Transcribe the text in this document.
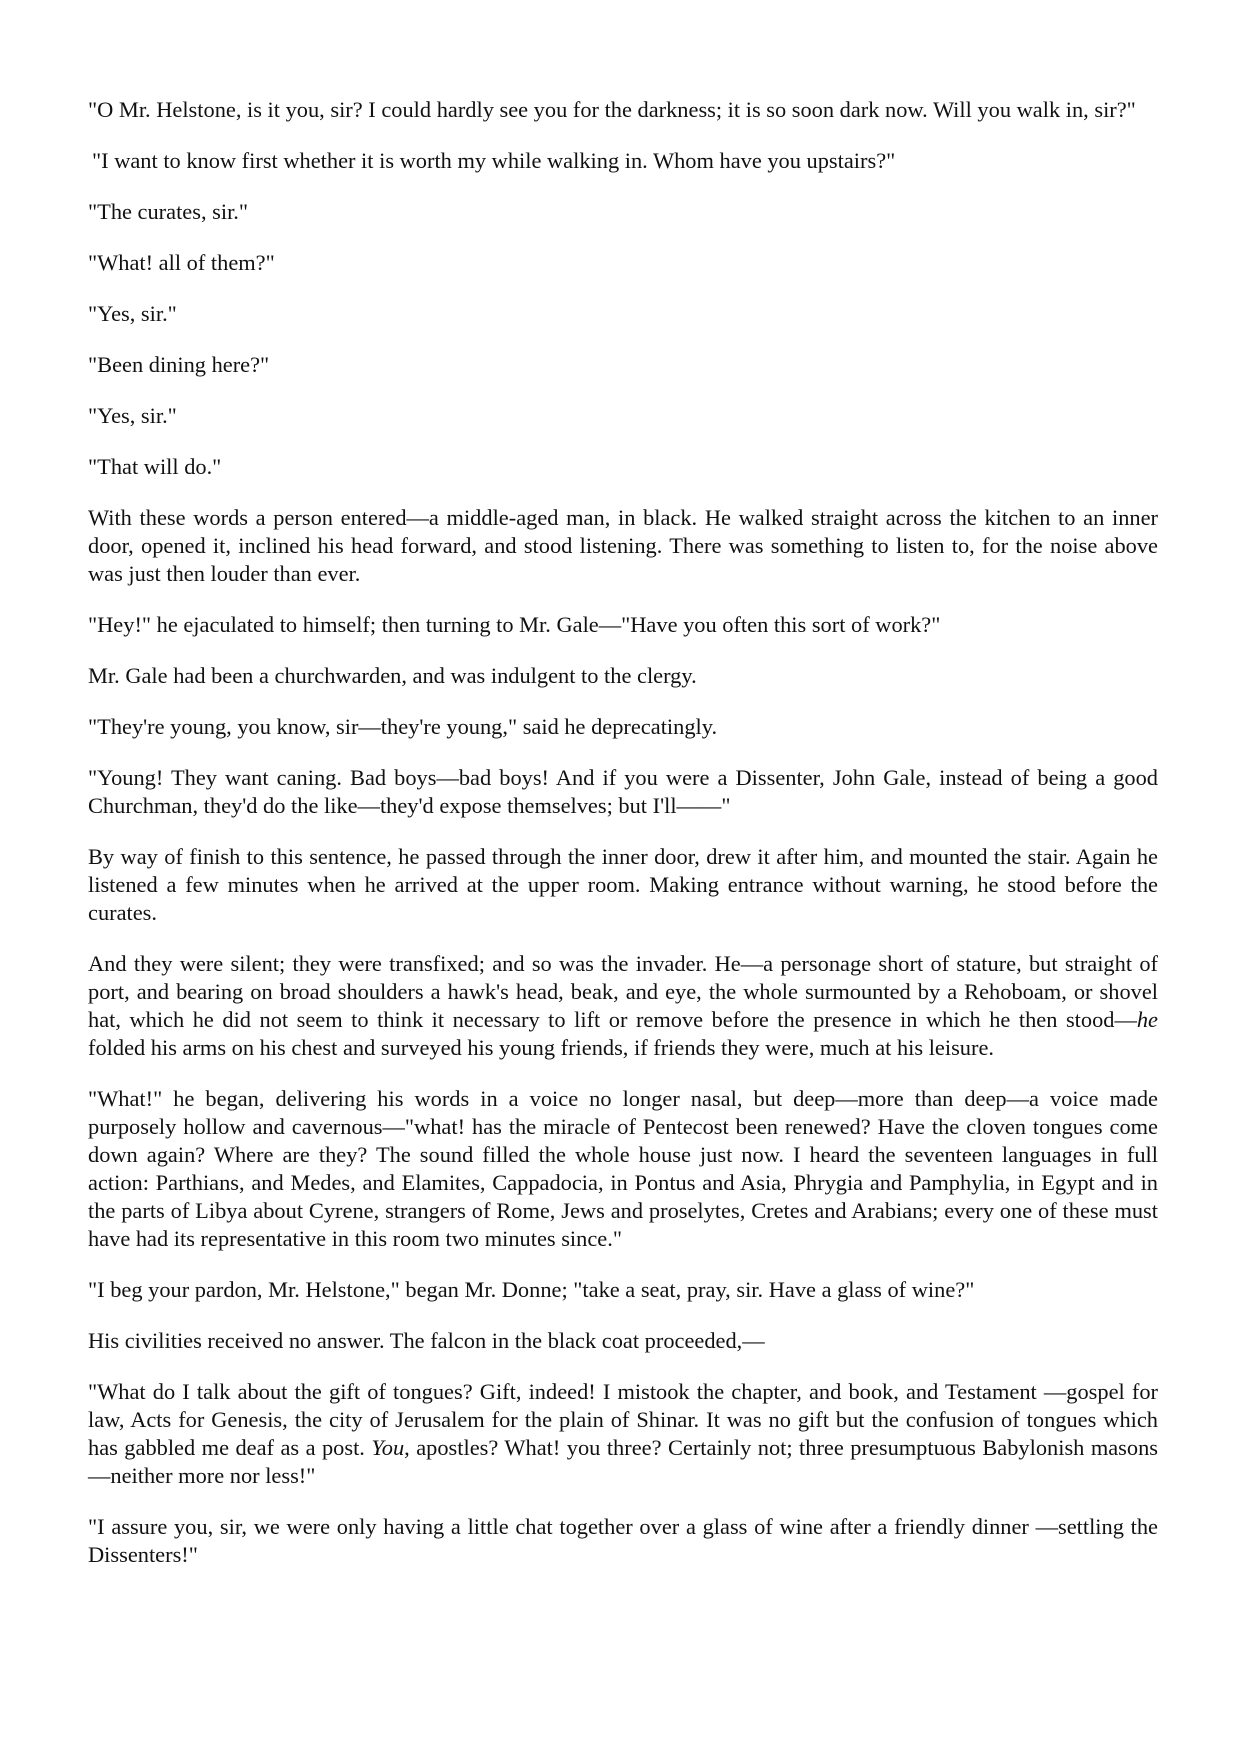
"O Mr. Helstone, is it you, sir? I could hardly see you for the darkness; it is so soon dark now. Will you walk in, sir?"

"I want to know first whether it is worth my while walking in. Whom have you upstairs?"

"The curates, sir."

"What! all of them?"

"Yes, sir."

"Been dining here?"

"Yes, sir."

"That will do."

With these words a person entered—a middle-aged man, in black. He walked straight across the kitchen to an inner door, opened it, inclined his head forward, and stood listening. There was something to listen to, for the noise above was just then louder than ever.

"Hey!" he ejaculated to himself; then turning to Mr. Gale—"Have you often this sort of work?"

Mr. Gale had been a churchwarden, and was indulgent to the clergy.

"They're young, you know, sir—they're young," said he deprecatingly.

"Young! They want caning. Bad boys—bad boys! And if you were a Dissenter, John Gale, instead of being a good Churchman, they'd do the like—they'd expose themselves; but I'll——"

By way of finish to this sentence, he passed through the inner door, drew it after him, and mounted the stair. Again he listened a few minutes when he arrived at the upper room. Making entrance without warning, he stood before the curates.

And they were silent; they were transfixed; and so was the invader. He—a personage short of stature, but straight of port, and bearing on broad shoulders a hawk's head, beak, and eye, the whole surmounted by a Rehoboam, or shovel hat, which he did not seem to think it necessary to lift or remove before the presence in which he then stood—he folded his arms on his chest and surveyed his young friends, if friends they were, much at his leisure.

"What!" he began, delivering his words in a voice no longer nasal, but deep—more than deep—a voice made purposely hollow and cavernous—"what! has the miracle of Pentecost been renewed? Have the cloven tongues come down again? Where are they? The sound filled the whole house just now. I heard the seventeen languages in full action: Parthians, and Medes, and Elamites, Cappadocia, in Pontus and Asia, Phrygia and Pamphylia, in Egypt and in the parts of Libya about Cyrene, strangers of Rome, Jews and proselytes, Cretes and Arabians; every one of these must have had its representative in this room two minutes since."

"I beg your pardon, Mr. Helstone," began Mr. Donne; "take a seat, pray, sir. Have a glass of wine?"

His civilities received no answer. The falcon in the black coat proceeded,—

"What do I talk about the gift of tongues? Gift, indeed! I mistook the chapter, and book, and Testament —gospel for law, Acts for Genesis, the city of Jerusalem for the plain of Shinar. It was no gift but the confusion of tongues which has gabbled me deaf as a post. You, apostles? What! you three? Certainly not; three presumptuous Babylonish masons—neither more nor less!"

"I assure you, sir, we were only having a little chat together over a glass of wine after a friendly dinner —settling the Dissenters!"
